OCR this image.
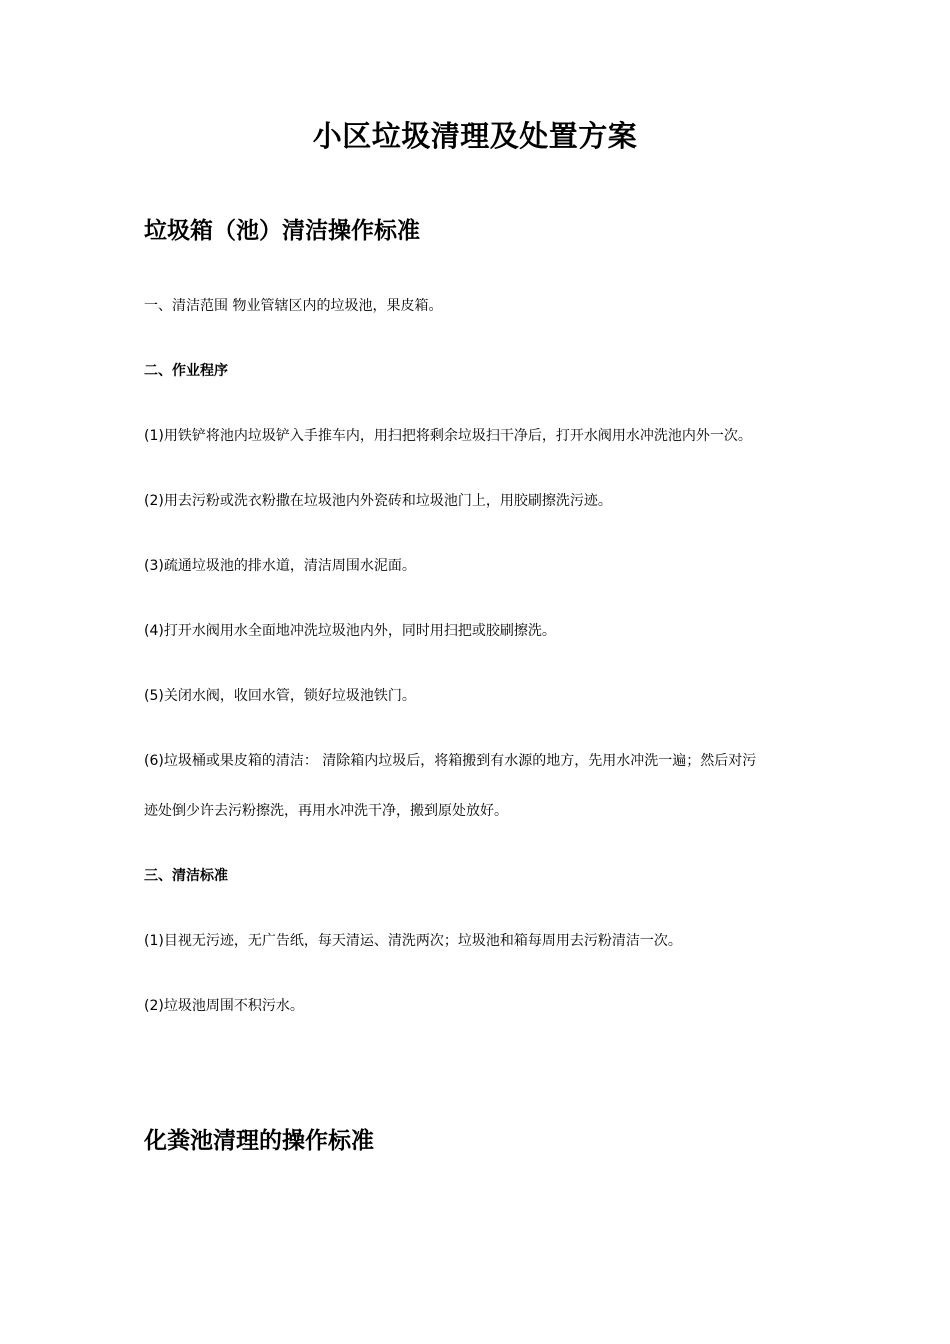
小区垃圾清理及处置方案
垃圾箱（池）清洁操作标准
一、清洁范围 物业管辖区内的垃圾池，果皮箱。
二、作业程序
(1)用铁铲将池内垃圾铲入手推车内，用扫把将剩余垃圾扫干净后，打开水阀用水冲洗池内外一次。
(2)用去污粉或洗衣粉撒在垃圾池内外瓷砖和垃圾池门上，用胶刷擦洗污迹。
(3)疏通垃圾池的排水道，清洁周围水泥面。
(4)打开水阀用水全面地冲洗垃圾池内外，同时用扫把或胶刷擦洗。
(5)关闭水阀，收回水管，锁好垃圾池铁门。
(6)垃圾桶或果皮箱的清洁： 清除箱内垃圾后，将箱搬到有水源的地方，先用水冲洗一遍；然后对污
迹处倒少许去污粉擦洗，再用水冲洗干净，搬到原处放好。
三、清洁标准
(1)目视无污迹，无广告纸，每天清运、清洗两次；垃圾池和箱每周用去污粉清洁一次。
(2)垃圾池周围不积污水。
化粪池清理的操作标准
